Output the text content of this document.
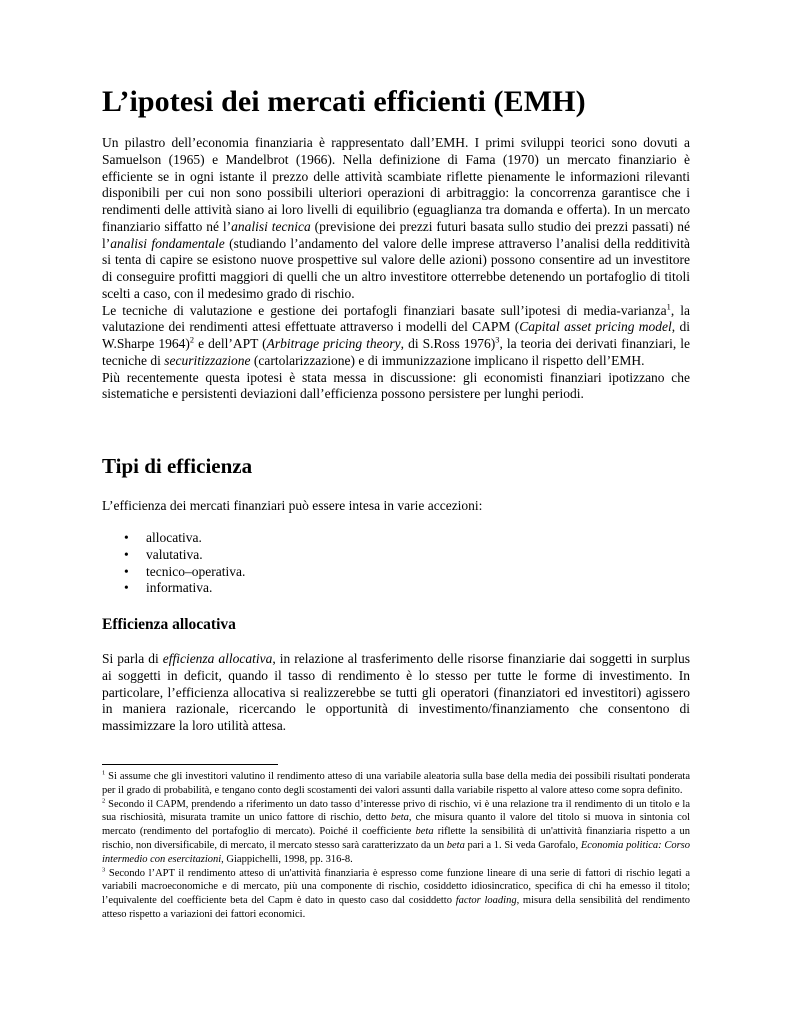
L’ipotesi dei mercati efficienti (EMH)

Un pilastro dell’economia finanziaria è rappresentato dall’EMH. I primi sviluppi teorici sono dovuti a Samuelson (1965) e Mandelbrot (1966). Nella definizione di Fama (1970) un mercato finanziario è efficiente se in ogni istante il prezzo delle attività scambiate riflette pienamente le informazioni rilevanti disponibili per cui non sono possibili ulteriori operazioni di arbitraggio: la concorrenza garantisce che i rendimenti delle attività siano ai loro livelli di equilibrio (eguaglianza tra domanda e offerta). In un mercato finanziario siffatto né l’analisi tecnica (previsione dei prezzi futuri basata sullo studio dei prezzi passati) né l’analisi fondamentale (studiando l’andamento del valore delle imprese attraverso l’analisi della redditività si tenta di capire se esistono nuove prospettive sul valore delle azioni) possono consentire ad un investitore di conseguire profitti maggiori di quelli che un altro investitore otterrebbe detenendo un portafoglio di titoli scelti a caso, con il medesimo grado di rischio.

Le tecniche di valutazione e gestione dei portafogli finanziari basate sull’ipotesi di media-varianza$^1$, la valutazione dei rendimenti attesi effettuate attraverso i modelli del CAPM (Capital asset pricing model, di W.Sharpe 1964)$^2$ e dell’APT (Arbitrage pricing theory, di S.Ross 1976)$^3$, la teoria dei derivati finanziari, le tecniche di securitizzazione (cartolarizzazione) e di immunizzazione implicano il rispetto dell’EMH.

Più recentemente questa ipotesi è stata messa in discussione: gli economisti finanziari ipotizzano che sistematiche e persistenti deviazioni dall’efficienza possono persistere per lunghi periodi.

Tipi di efficienza

L’efficienza dei mercati finanziari può essere intesa in varie accezioni:

• allocativa.
• valutativa.
• tecnico–operativa.
• informativa.
Efficienza allocativa

Si parla di efficienza allocativa, in relazione al trasferimento delle risorse finanziarie dai soggetti in surplus ai soggetti in deficit, quando il tasso di rendimento è lo stesso per tutte le forme di investimento. In particolare, l’efficienza allocativa si realizzerebbe se tutti gli operatori (finanziatori ed investitori) agissero in maniera razionale, ricercando le opportunità di investimento/finanziamento che consentono di massimizzare la loro utilità attesa.

$^1$ Si assume che gli investitori valutino il rendimento atteso di una variabile aleatoria sulla base della media dei possibili risultati ponderata per il grado di probabilità, e tengano conto degli scostamenti dei valori assunti dalla variabile rispetto al valore atteso come sopra definito.

$^2$ Secondo il CAPM, prendendo a riferimento un dato tasso d’interesse privo di rischio, vi è una relazione tra il rendimento di un titolo e la sua rischiosità, misurata tramite un unico fattore di rischio, detto beta, che misura quanto il valore del titolo si muova in sintonia col mercato (rendimento del portafoglio di mercato). Poiché il coefficiente beta riflette la sensibilità di un'attività finanziaria rispetto a un rischio, non diversificabile, di mercato, il mercato stesso sarà caratterizzato da un beta pari a 1. Si veda Garofalo, Economia politica: Corso intermedio con esercitazioni, Giappichelli, 1998, pp. 316-8.

$^3$ Secondo l’APT il rendimento atteso di un'attività finanziaria è espresso come funzione lineare di una serie di fattori di rischio legati a variabili macroeconomiche e di mercato, più una componente di rischio, cosiddetto idiosincratico, specifica di chi ha emesso il titolo; l’equivalente del coefficiente beta del Capm è dato in questo caso dal cosiddetto factor loading, misura della sensibilità del rendimento atteso rispetto a variazioni dei fattori economici.
